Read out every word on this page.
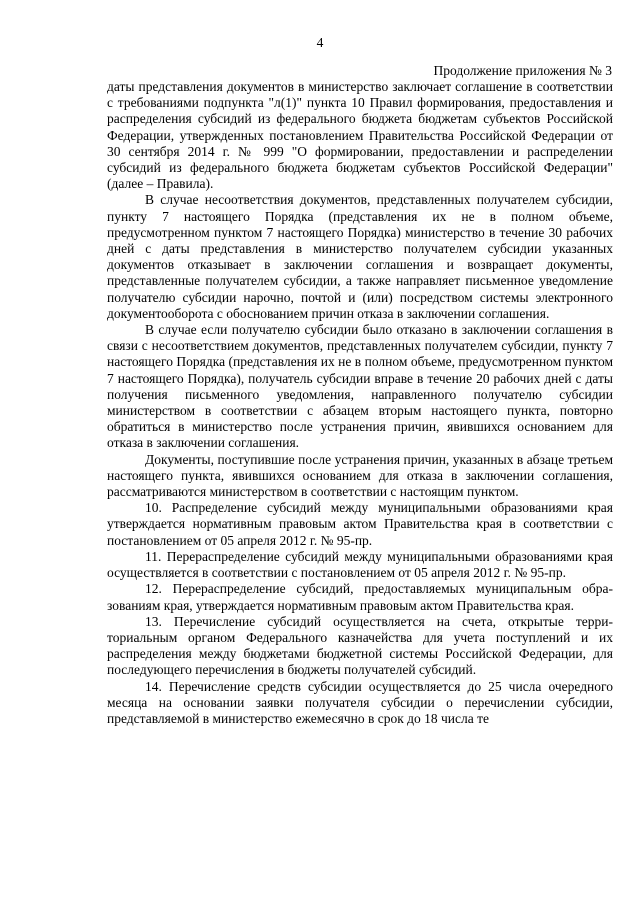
4
Продолжение приложения № 3

даты представления документов в министерство заключает соглашение в соответствии с требованиями подпункта "л(1)" пункта 10 Правил формирования, предоставления и распределения субсидий из федерального бюджета бюджетам субъектов Российской Федерации, утвержденных постановлением Правительства Российской Федерации от 30 сентября 2014 г. № 999 "О формировании, предоставлении и распределении субсидий из федерального бюджета бюджетам субъектов Российской Федерации" (далее – Правила).

В случае несоответствия документов, представленных получателем субсидии, пункту 7 настоящего Порядка (представления их не в полном объеме, предусмотренном пунктом 7 настоящего Порядка) министерство в течение 30 рабочих дней с даты представления в министерство получателем субсидии указанных документов отказывает в заключении соглашения и возвращает документы, представленные получателем субсидии, а также направляет письменное уведомление получателю субсидии нарочно, почтой и (или) посредством системы электронного документооборота с обоснованием причин отказа в заключении соглашения.

В случае если получателю субсидии было отказано в заключении соглашения в связи с несоответствием документов, представленных получателем субсидии, пункту 7 настоящего Порядка (представления их не в полном объеме, предусмотренном пунктом 7 настоящего Порядка), получатель субсидии вправе в течение 20 рабочих дней с даты получения письменного уведомления, направленного получателю субсидии министерством в соответствии с абзацем вторым настоящего пункта, повторно обратиться в министерство после устранения причин, явившихся основанием для отказа в заключении соглашения.

Документы, поступившие после устранения причин, указанных в абзаце третьем настоящего пункта, явившихся основанием для отказа в заключении соглашения, рассматриваются министерством в соответствии с настоящим пунктом.

10. Распределение субсидий между муниципальными образованиями края утверждается нормативным правовым актом Правительства края в соответствии с постановлением от 05 апреля 2012 г. № 95-пр.

11. Перераспределение субсидий между муниципальными образованиями края осуществляется в соответствии с постановлением от 05 апреля 2012 г. № 95-пр.

12. Перераспределение субсидий, предоставляемых муниципальным образованиям края, утверждается нормативным правовым актом Правительства края.

13. Перечисление субсидий осуществляется на счета, открытые территориальным органом Федерального казначейства для учета поступлений и их распределения между бюджетами бюджетной системы Российской Федерации, для последующего перечисления в бюджеты получателей субсидий.

14. Перечисление средств субсидии осуществляется до 25 числа очередного месяца на основании заявки получателя субсидии о перечислении субсидии, представляемой в министерство ежемесячно в срок до 18 числа те
